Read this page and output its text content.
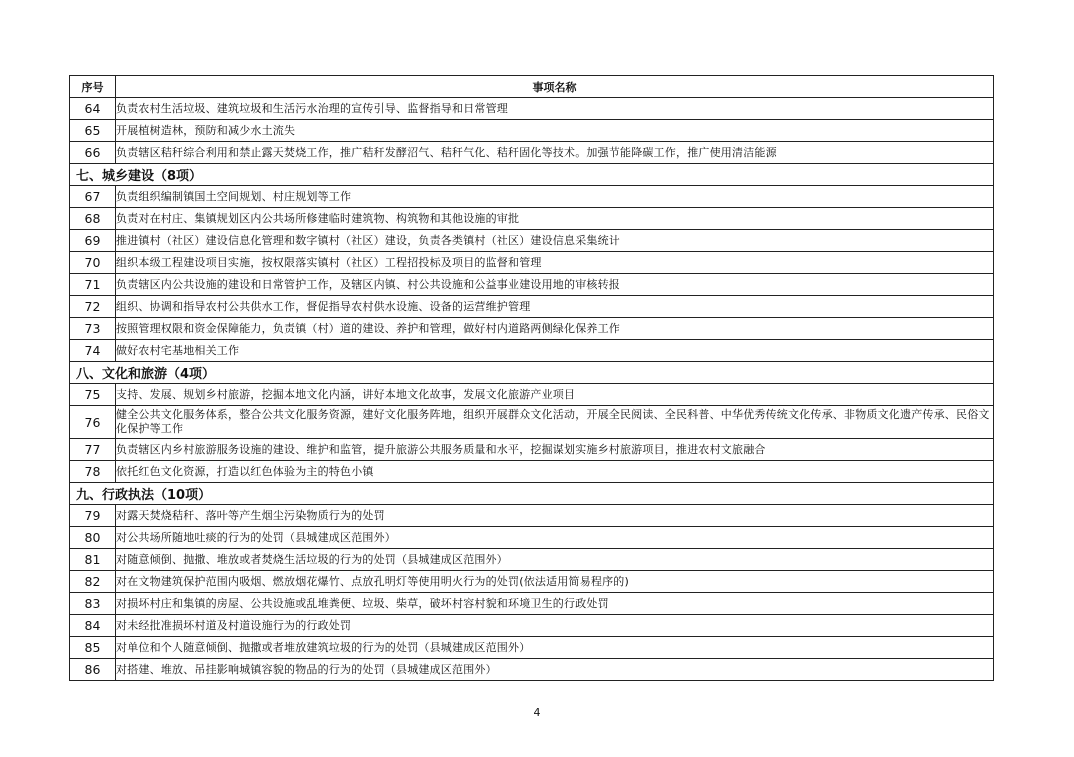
序号	事项名称
64	负责农村生活垃圾、建筑垃圾和生活污水治理的宣传引导、监督指导和日常管理
65	开展植树造林，预防和减少水土流失
66	负责辖区秸秆综合利用和禁止露天焚烧工作，推广秸秆发酵沼气、秸秆气化、秸秆固化等技术。加强节能降碳工作，推广使用清洁能源
七、城乡建设（8项）	
67	负责组织编制镇国土空间规划、村庄规划等工作
68	负责对在村庄、集镇规划区内公共场所修建临时建筑物、构筑物和其他设施的审批
69	推进镇村（社区）建设信息化管理和数字镇村（社区）建设，负责各类镇村（社区）建设信息采集统计
70	组织本级工程建设项目实施，按权限落实镇村（社区）工程招投标及项目的监督和管理
71	负责辖区内公共设施的建设和日常管护工作，及辖区内镇、村公共设施和公益事业建设用地的审核转报
72	组织、协调和指导农村公共供水工作，督促指导农村供水设施、设备的运营维护管理
73	按照管理权限和资金保障能力，负责镇（村）道的建设、养护和管理，做好村内道路两侧绿化保养工作
74	做好农村宅基地相关工作
八、文化和旅游（4项）	
75	支持、发展、规划乡村旅游，挖掘本地文化内涵，讲好本地文化故事，发展文化旅游产业项目
76	健全公共文化服务体系，整合公共文化服务资源，建好文化服务阵地，组织开展群众文化活动，开展全民阅读、全民科普、中华优秀传统文化传承、非物质文化遗产传承、民俗文化保护等工作
77	负责辖区内乡村旅游服务设施的建设、维护和监管，提升旅游公共服务质量和水平，挖掘谋划实施乡村旅游项目，推进农村文旅融合
78	依托红色文化资源，打造以红色体验为主的特色小镇
九、行政执法（10项）	
79	对露天焚烧秸秆、落叶等产生烟尘污染物质行为的处罚
80	对公共场所随地吐痰的行为的处罚（县城建成区范围外）
81	对随意倾倒、抛撒、堆放或者焚烧生活垃圾的行为的处罚（县城建成区范围外）
82	对在文物建筑保护范围内吸烟、燃放烟花爆竹、点放孔明灯等使用明火行为的处罚(依法适用简易程序的)
83	对损坏村庄和集镇的房屋、公共设施或乱堆粪便、垃圾、柴草，破坏村容村貌和环境卫生的行政处罚
84	对未经批准损坏村道及村道设施行为的行政处罚
85	对单位和个人随意倾倒、抛撒或者堆放建筑垃圾的行为的处罚（县城建成区范围外）
86	对搭建、堆放、吊挂影响城镇容貌的物品的行为的处罚（县城建成区范围外）
4
